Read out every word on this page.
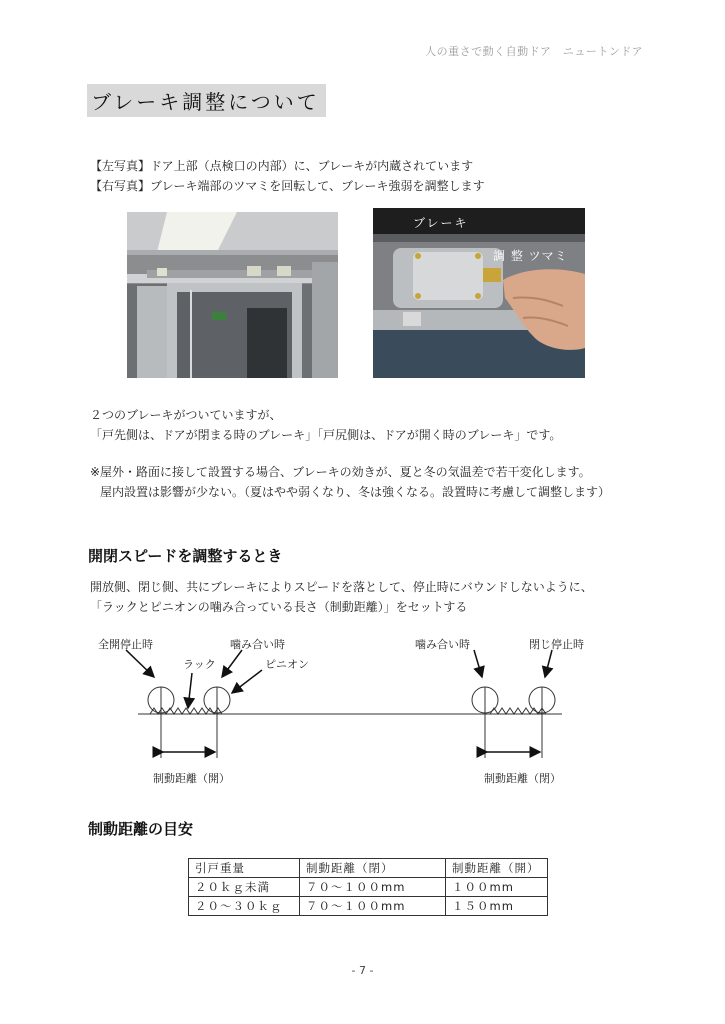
人の重さで動く自動ドア　ニュートンドア
ブレーキ調整について
【左写真】ドア上部（点検口の内部）に、ブレーキが内蔵されています
【右写真】ブレーキ端部のツマミを回転して、ブレーキ強弱を調整します
ブレーキ
調 整 ツマミ
２つのブレーキがついていますが、
「戸先側は、ドアが閉まる時のブレーキ」「戸尻側は、ドアが開く時のブレーキ」です。
※屋外・路面に接して設置する場合、ブレーキの効きが、夏と冬の気温差で若干変化します。
屋内設置は影響が少ない。（夏はやや弱くなり、冬は強くなる。設置時に考慮して調整します）
開閉スピードを調整するとき
開放側、閉じ側、共にブレーキによりスピードを落として、停止時にバウンドしないように、
「ラックとピニオンの噛み合っている長さ（制動距離）」をセットする
全開停止時	噛み合い時
ラック	ピニオン
噛み合い時	閉じ停止時
制動距離（開）	制動距離（閉）
制動距離の目安
引戸重量	制動距離（閉）	制動距離（開）
２０ｋｇ未満	７０〜１００mm	１００mm
２０〜３０ｋｇ	７０〜１００mm	１５０mm
- 7 -
